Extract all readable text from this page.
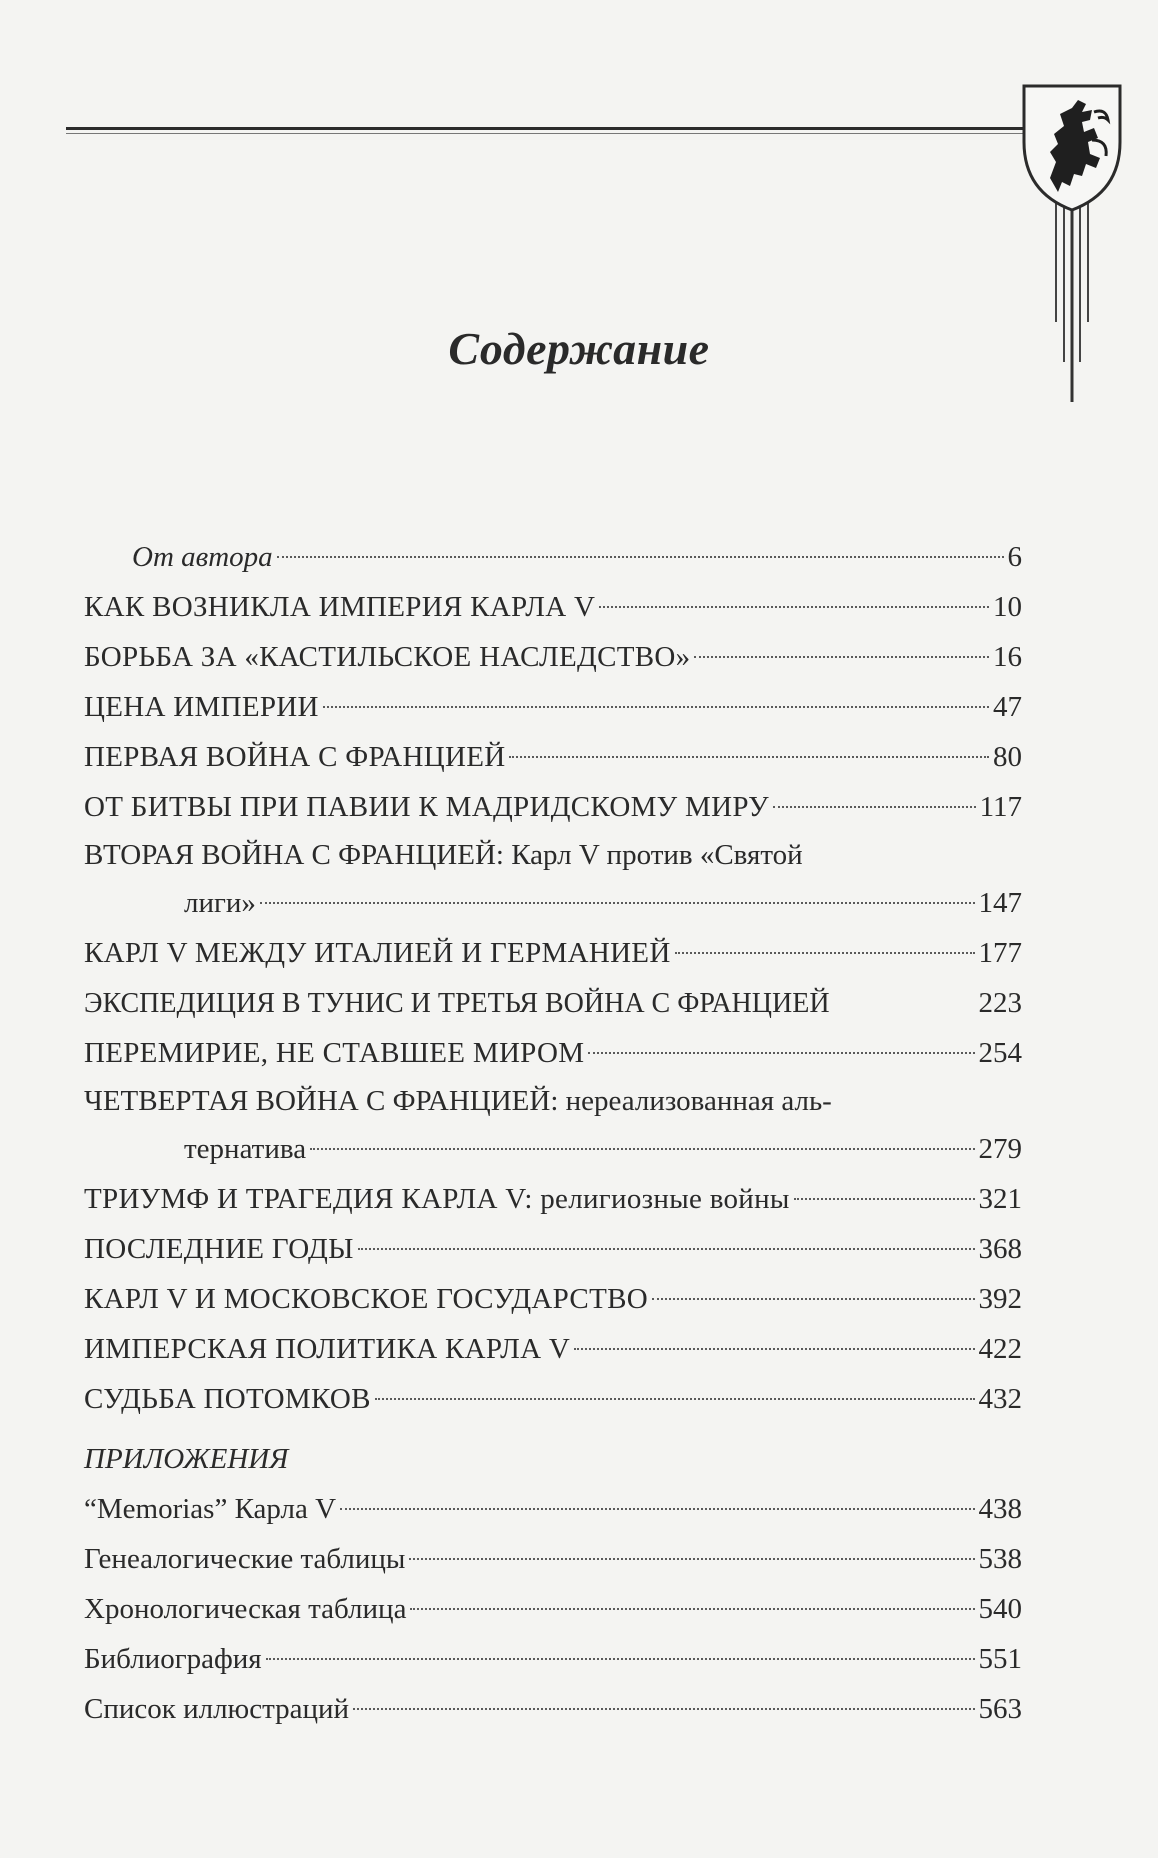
Содержание
От автора	6
КАК ВОЗНИКЛА ИМПЕРИЯ КАРЛА V	10
БОРЬБА ЗА «КАСТИЛЬСКОЕ НАСЛЕДСТВО»	16
ЦЕНА ИМПЕРИИ	47
ПЕРВАЯ ВОЙНА С ФРАНЦИЕЙ	80
ОТ БИТВЫ ПРИ ПАВИИ К МАДРИДСКОМУ МИРУ	117
ВТОРАЯ ВОЙНА С ФРАНЦИЕЙ: Карл V против «Святой
лиги»	147
КАРЛ V МЕЖДУ ИТАЛИЕЙ И ГЕРМАНИЕЙ	177
ЭКСПЕДИЦИЯ В ТУНИС И ТРЕТЬЯ ВОЙНА С ФРАНЦИЕЙ	223
ПЕРЕМИРИЕ, НЕ СТАВШЕЕ МИРОМ	254
ЧЕТВЕРТАЯ ВОЙНА С ФРАНЦИЕЙ: нереализованная аль-
тернатива	279
ТРИУМФ И ТРАГЕДИЯ КАРЛА V: религиозные войны	321
ПОСЛЕДНИЕ ГОДЫ	368
КАРЛ V И МОСКОВСКОЕ ГОСУДАРСТВО	392
ИМПЕРСКАЯ ПОЛИТИКА КАРЛА V	422
СУДЬБА ПОТОМКОВ	432
ПРИЛОЖЕНИЯ
“Memorias” Карла V	438
Генеалогические таблицы	538
Хронологическая таблица	540
Библиография	551
Список иллюстраций	563
